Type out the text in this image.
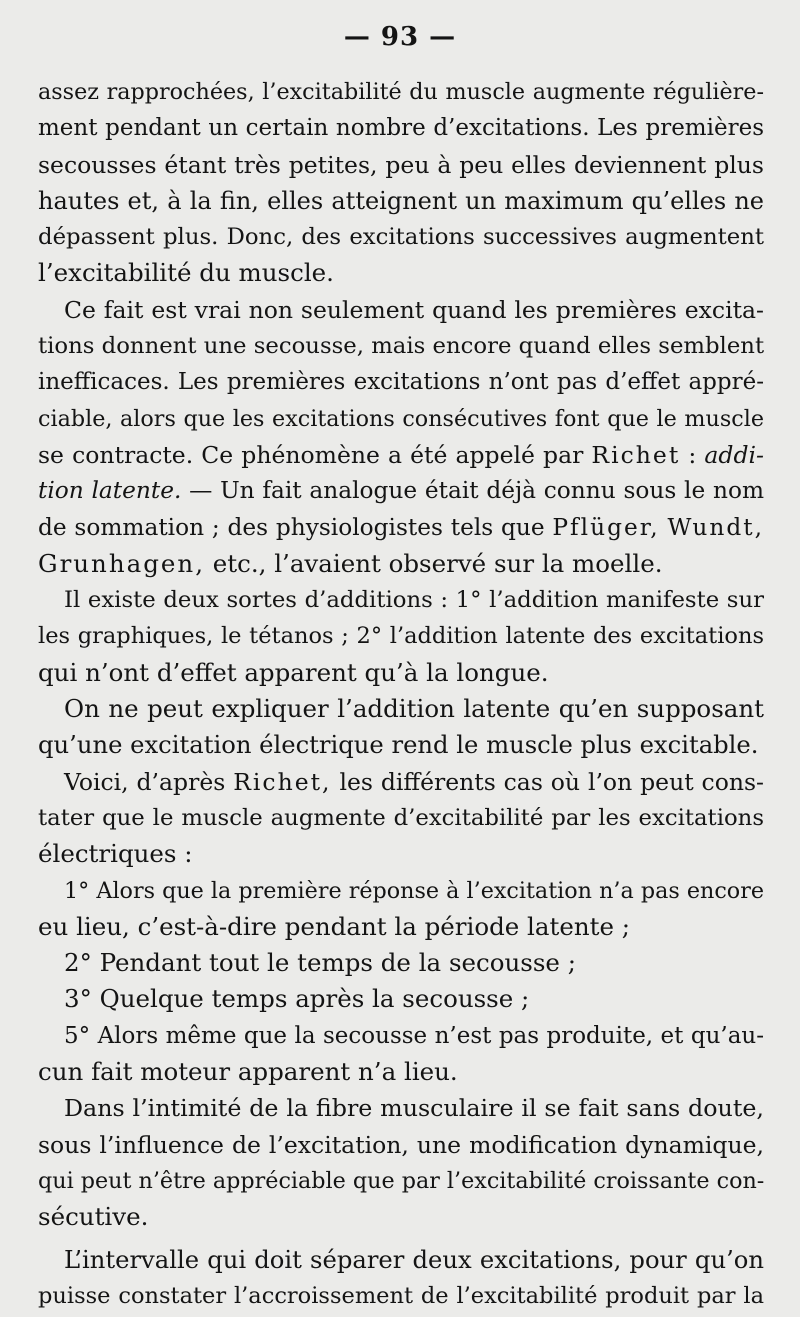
— 93 —
assez rapprochées, l’excitabilité du muscle augmente régulière-
ment pendant un certain nombre d’excitations. Les premières
secousses étant très petites, peu à peu elles deviennent plus
hautes et, à la fin, elles atteignent un maximum qu’elles ne
dépassent plus. Donc, des excitations successives augmentent
l’excitabilité du muscle.
Ce fait est vrai non seulement quand les premières excita-
tions donnent une secousse, mais encore quand elles semblent
inefficaces. Les premières excitations n’ont pas d’effet appré-
ciable, alors que les excitations consécutives font que le muscle
se contracte. Ce phénomène a été appelé par Richet : addi-
tion latente. — Un fait analogue était déjà connu sous le nom
de sommation ; des physiologistes tels que Pflüger, Wundt,
Grunhagen, etc., l’avaient observé sur la moelle.
Il existe deux sortes d’additions : 1° l’addition manifeste sur
les graphiques, le tétanos ; 2° l’addition latente des excitations
qui n’ont d’effet apparent qu’à la longue.
On ne peut expliquer l’addition latente qu’en supposant
qu’une excitation électrique rend le muscle plus excitable.
Voici, d’après Richet, les différents cas où l’on peut cons-
tater que le muscle augmente d’excitabilité par les excitations
électriques :
1° Alors que la première réponse à l’excitation n’a pas encore
eu lieu, c’est-à-dire pendant la période latente ;
2° Pendant tout le temps de la secousse ;
3° Quelque temps après la secousse ;
5° Alors même que la secousse n’est pas produite, et qu’au-
cun fait moteur apparent n’a lieu.
Dans l’intimité de la fibre musculaire il se fait sans doute,
sous l’influence de l’excitation, une modification dynamique,
qui peut n’être appréciable que par l’excitabilité croissante con-
sécutive.
L’intervalle qui doit séparer deux excitations, pour qu’on
puisse constater l’accroissement de l’excitabilité produit par la
